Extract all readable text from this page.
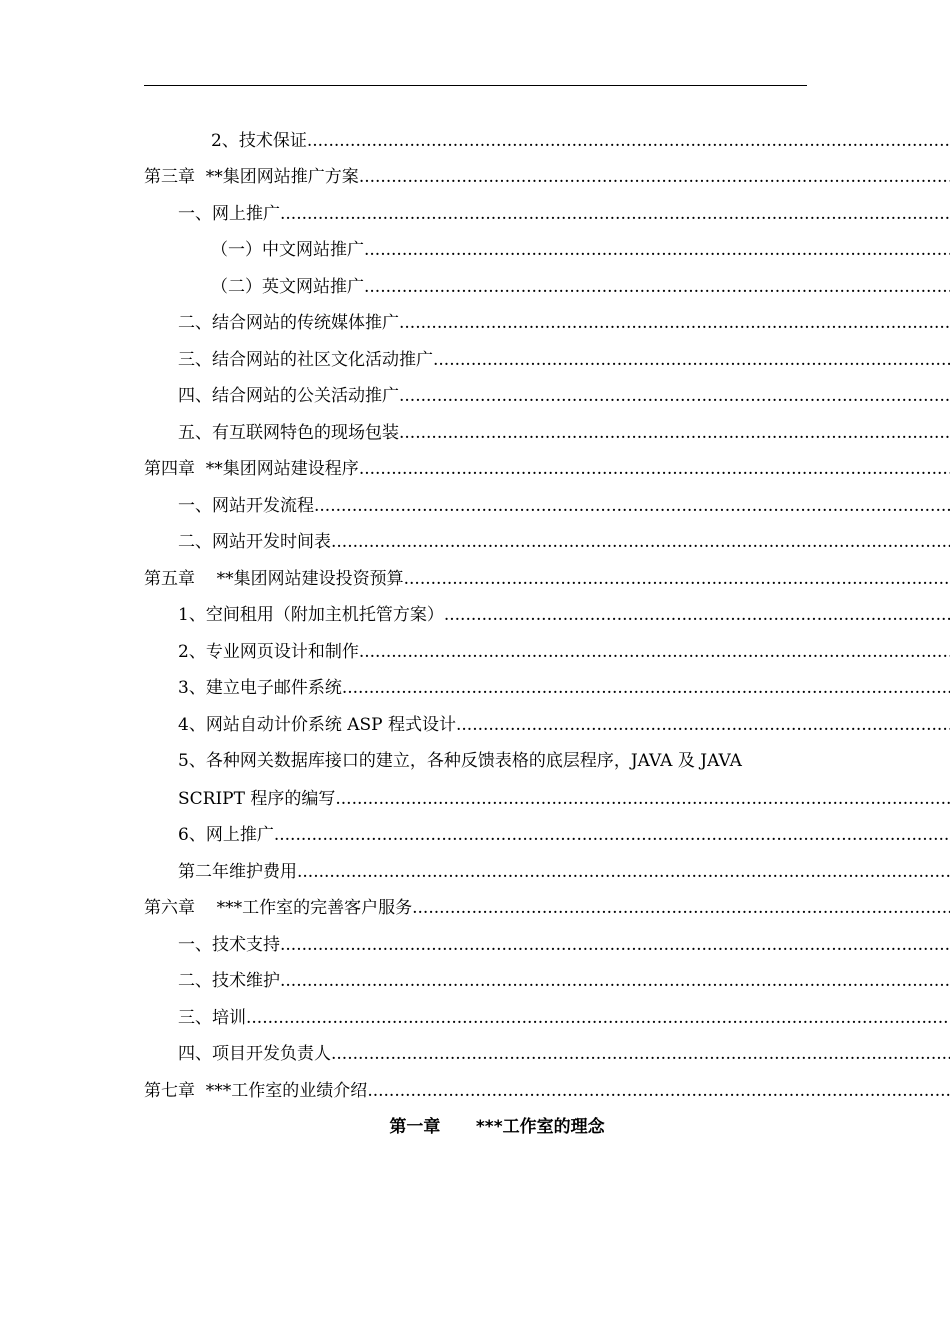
2、技术保证
.....
第三章  **集团网站推广方案
.....
一、网上推广
.....
（一）中文网站推广
.....
（二）英文网站推广
.....
二、结合网站的传统媒体推广
.....
三、结合网站的社区文化活动推广
.....
四、结合网站的公关活动推广
.....
五、有互联网特色的现场包装
.....
第四章  **集团网站建设程序
.....
一、网站开发流程
.....
二、网站开发时间表
.....
第五章    **集团网站建设投资预算
.....
1、空间租用（附加主机托管方案）
.....
2、专业网页设计和制作
.....
3、建立电子邮件系统
.....
4、网站自动计价系统 ASP 程式设计
.....
5、各种网关数据库接口的建立，各种反馈表格的底层程序，JAVA 及 JAVA
SCRIPT 程序的编写
.....
6、网上推广
.....
第二年维护费用
.....
第六章    ***工作室的完善客户服务
.....
一、技术支持
.....
二、技术维护
.....
三、培训
.....
四、项目开发负责人
.....
第七章  ***工作室的业绩介绍
.....
第一章      ***工作室的理念
